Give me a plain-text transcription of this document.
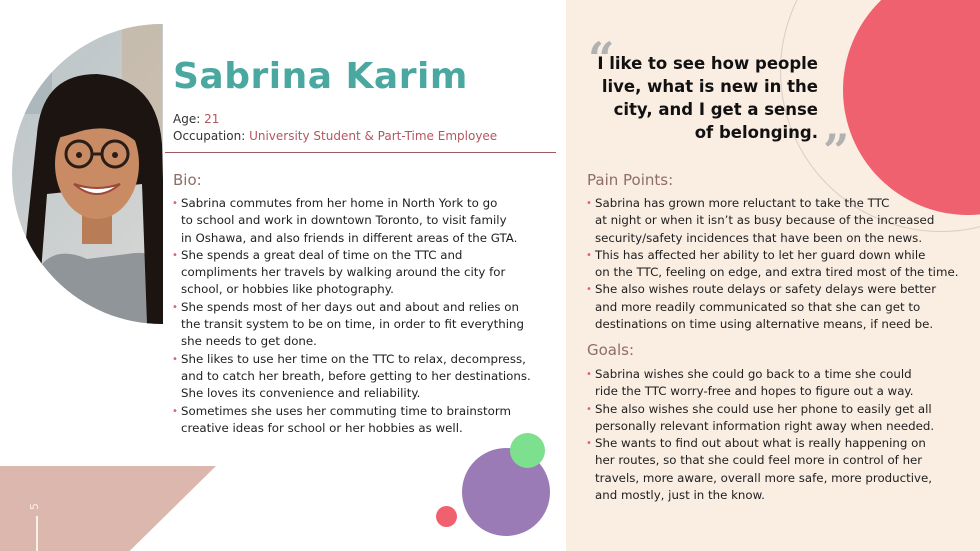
Sabrina Karim
Age: 21
Occupation: University Student & Part-Time Employee
Bio:
• Sabrina commutes from her home in North York to go
to school and work in downtown Toronto, to visit family
in Oshawa, and also friends in different areas of the GTA.
• She spends a great deal of time on the TTC and
compliments her travels by walking around the city for
school, or hobbies like photography.
• She spends most of her days out and about and relies on
the transit system to be on time, in order to fit everything
she needs to get done.
• She likes to use her time on the TTC to relax, decompress,
and to catch her breath, before getting to her destinations.
She loves its convenience and reliability.
• Sometimes she uses her commuting time to brainstorm
creative ideas for school or her hobbies as well.
“
I like to see how people
live, what is new in the
city, and I get a sense
of belonging. ”
Pain Points:
• Sabrina has grown more reluctant to take the TTC
at night or when it isn’t as busy because of the increased
security/safety incidences that have been on the news.
• This has affected her ability to let her guard down while
on the TTC, feeling on edge, and extra tired most of the time.
• She also wishes route delays or safety delays were better
and more readily communicated so that she can get to
destinations on time using alternative means, if need be.
Goals:
• Sabrina wishes she could go back to a time she could
ride the TTC worry-free and hopes to figure out a way.
• She also wishes she could use her phone to easily get all
personally relevant information right away when needed.
• She wants to find out about what is really happening on
her routes, so that she could feel more in control of her
travels, more aware, overall more safe, more productive,
and mostly, just in the know.
5
